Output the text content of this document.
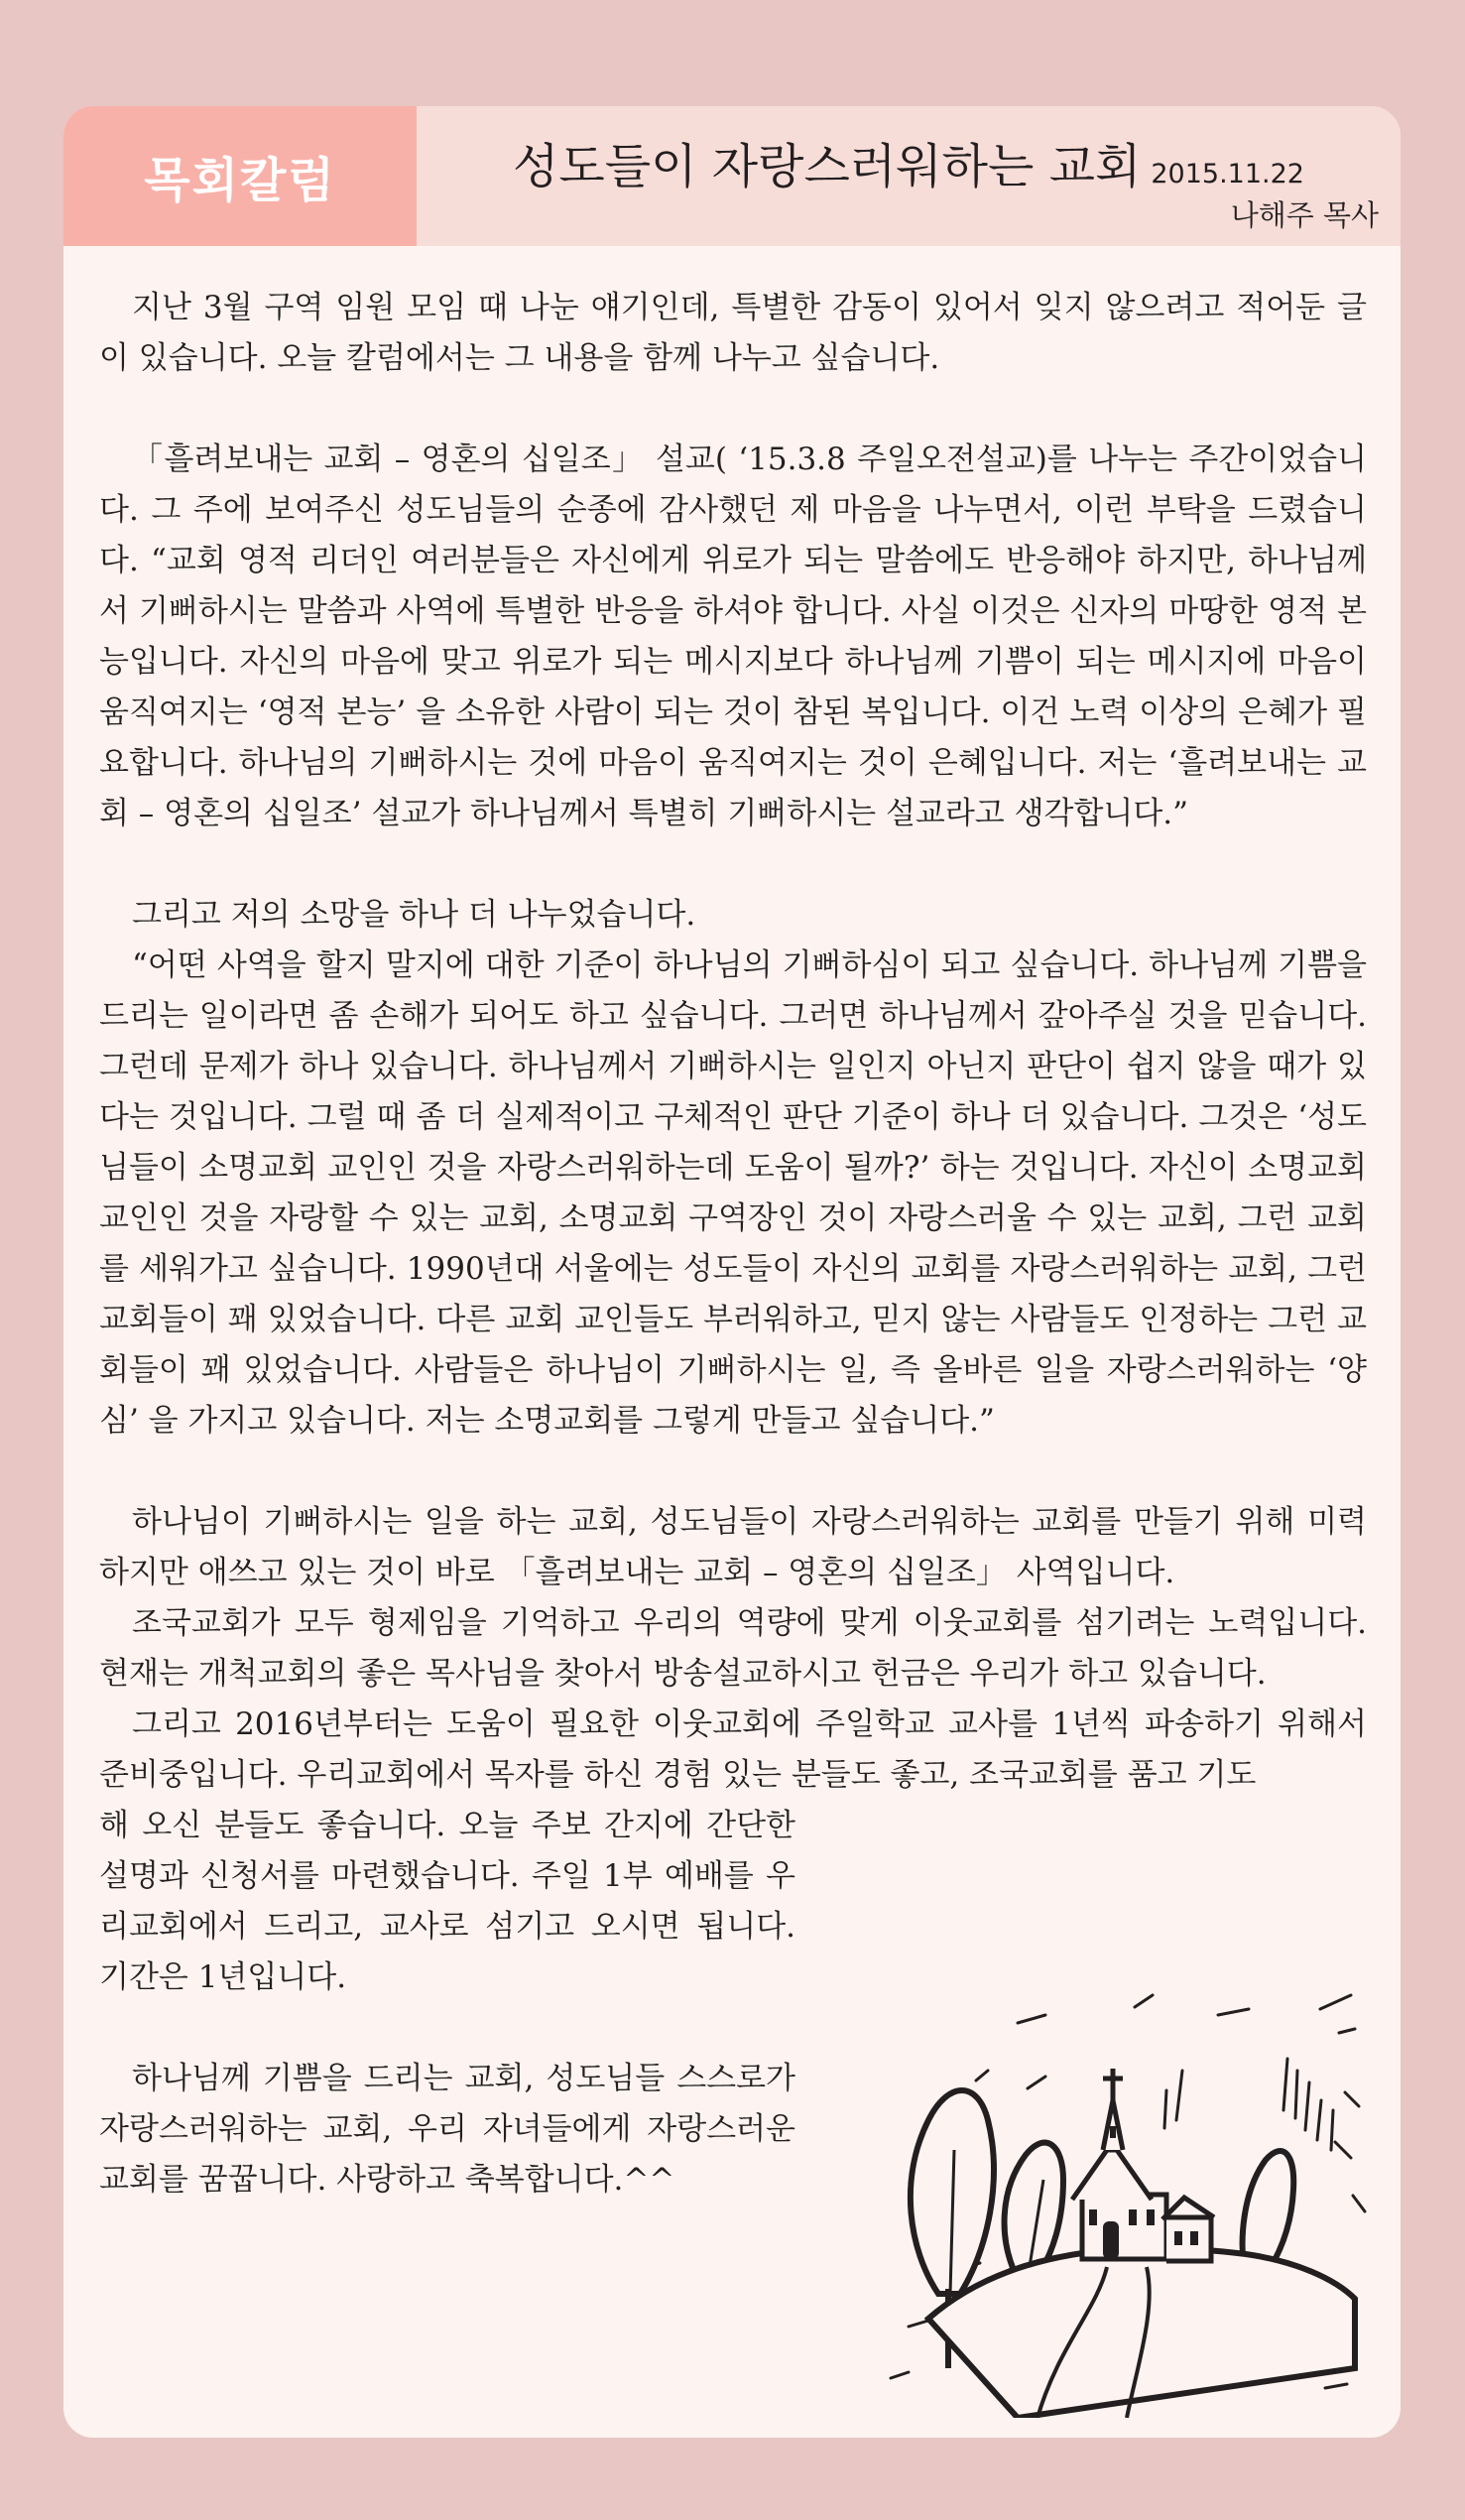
목회칼럼	성도들이 자랑스러워하는 교회 2015.11.22
나해주 목사

지난 3월 구역 임원 모임 때 나눈 얘기인데, 특별한 감동이 있어서 잊지 않으려고 적어둔 글이 있습니다. 오늘 칼럼에서는 그 내용을 함께 나누고 싶습니다.

「흘려보내는 교회 – 영혼의 십일조」 설교( ‘15.3.8 주일오전설교)를 나누는 주간이었습니다. 그 주에 보여주신 성도님들의 순종에 감사했던 제 마음을 나누면서, 이런 부탁을 드렸습니다. “교회 영적 리더인 여러분들은 자신에게 위로가 되는 말씀에도 반응해야 하지만, 하나님께서 기뻐하시는 말씀과 사역에 특별한 반응을 하셔야 합니다. 사실 이것은 신자의 마땅한 영적 본능입니다. 자신의 마음에 맞고 위로가 되는 메시지보다 하나님께 기쁨이 되는 메시지에 마음이 움직여지는 ‘영적 본능’ 을 소유한 사람이 되는 것이 참된 복입니다. 이건 노력 이상의 은혜가 필요합니다. 하나님의 기뻐하시는 것에 마음이 움직여지는 것이 은혜입니다. 저는 ‘흘려보내는 교회 – 영혼의 십일조’ 설교가 하나님께서 특별히 기뻐하시는 설교라고 생각합니다.”

그리고 저의 소망을 하나 더 나누었습니다.

“어떤 사역을 할지 말지에 대한 기준이 하나님의 기뻐하심이 되고 싶습니다. 하나님께 기쁨을 드리는 일이라면 좀 손해가 되어도 하고 싶습니다. 그러면 하나님께서 갚아주실 것을 믿습니다. 그런데 문제가 하나 있습니다. 하나님께서 기뻐하시는 일인지 아닌지 판단이 쉽지 않을 때가 있다는 것입니다. 그럴 때 좀 더 실제적이고 구체적인 판단 기준이 하나 더 있습니다. 그것은 ‘성도님들이 소명교회 교인인 것을 자랑스러워하는데 도움이 될까?’ 하는 것입니다. 자신이 소명교회 교인인 것을 자랑할 수 있는 교회, 소명교회 구역장인 것이 자랑스러울 수 있는 교회, 그런 교회를 세워가고 싶습니다. 1990년대 서울에는 성도들이 자신의 교회를 자랑스러워하는 교회, 그런 교회들이 꽤 있었습니다. 다른 교회 교인들도 부러워하고, 믿지 않는 사람들도 인정하는 그런 교회들이 꽤 있었습니다. 사람들은 하나님이 기뻐하시는 일, 즉 올바른 일을 자랑스러워하는 ‘양심’ 을 가지고 있습니다. 저는 소명교회를 그렇게 만들고 싶습니다.”

하나님이 기뻐하시는 일을 하는 교회, 성도님들이 자랑스러워하는 교회를 만들기 위해 미력하지만 애쓰고 있는 것이 바로 「흘려보내는 교회 – 영혼의 십일조」 사역입니다.

조국교회가 모두 형제임을 기억하고 우리의 역량에 맞게 이웃교회를 섬기려는 노력입니다. 현재는 개척교회의 좋은 목사님을 찾아서 방송설교하시고 헌금은 우리가 하고 있습니다.

그리고 2016년부터는 도움이 필요한 이웃교회에 주일학교 교사를 1년씩 파송하기 위해서 준비중입니다. 우리교회에서 목자를 하신 경험 있는 분들도 좋고, 조국교회를 품고 기도

해 오신 분들도 좋습니다. 오늘 주보 간지에 간단한 설명과 신청서를 마련했습니다. 주일 1부 예배를 우리교회에서 드리고, 교사로 섬기고 오시면 됩니다. 기간은 1년입니다.

하나님께 기쁨을 드리는 교회, 성도님들 스스로가 자랑스러워하는 교회, 우리 자녀들에게 자랑스러운 교회를 꿈꿉니다. 사랑하고 축복합니다.^^
